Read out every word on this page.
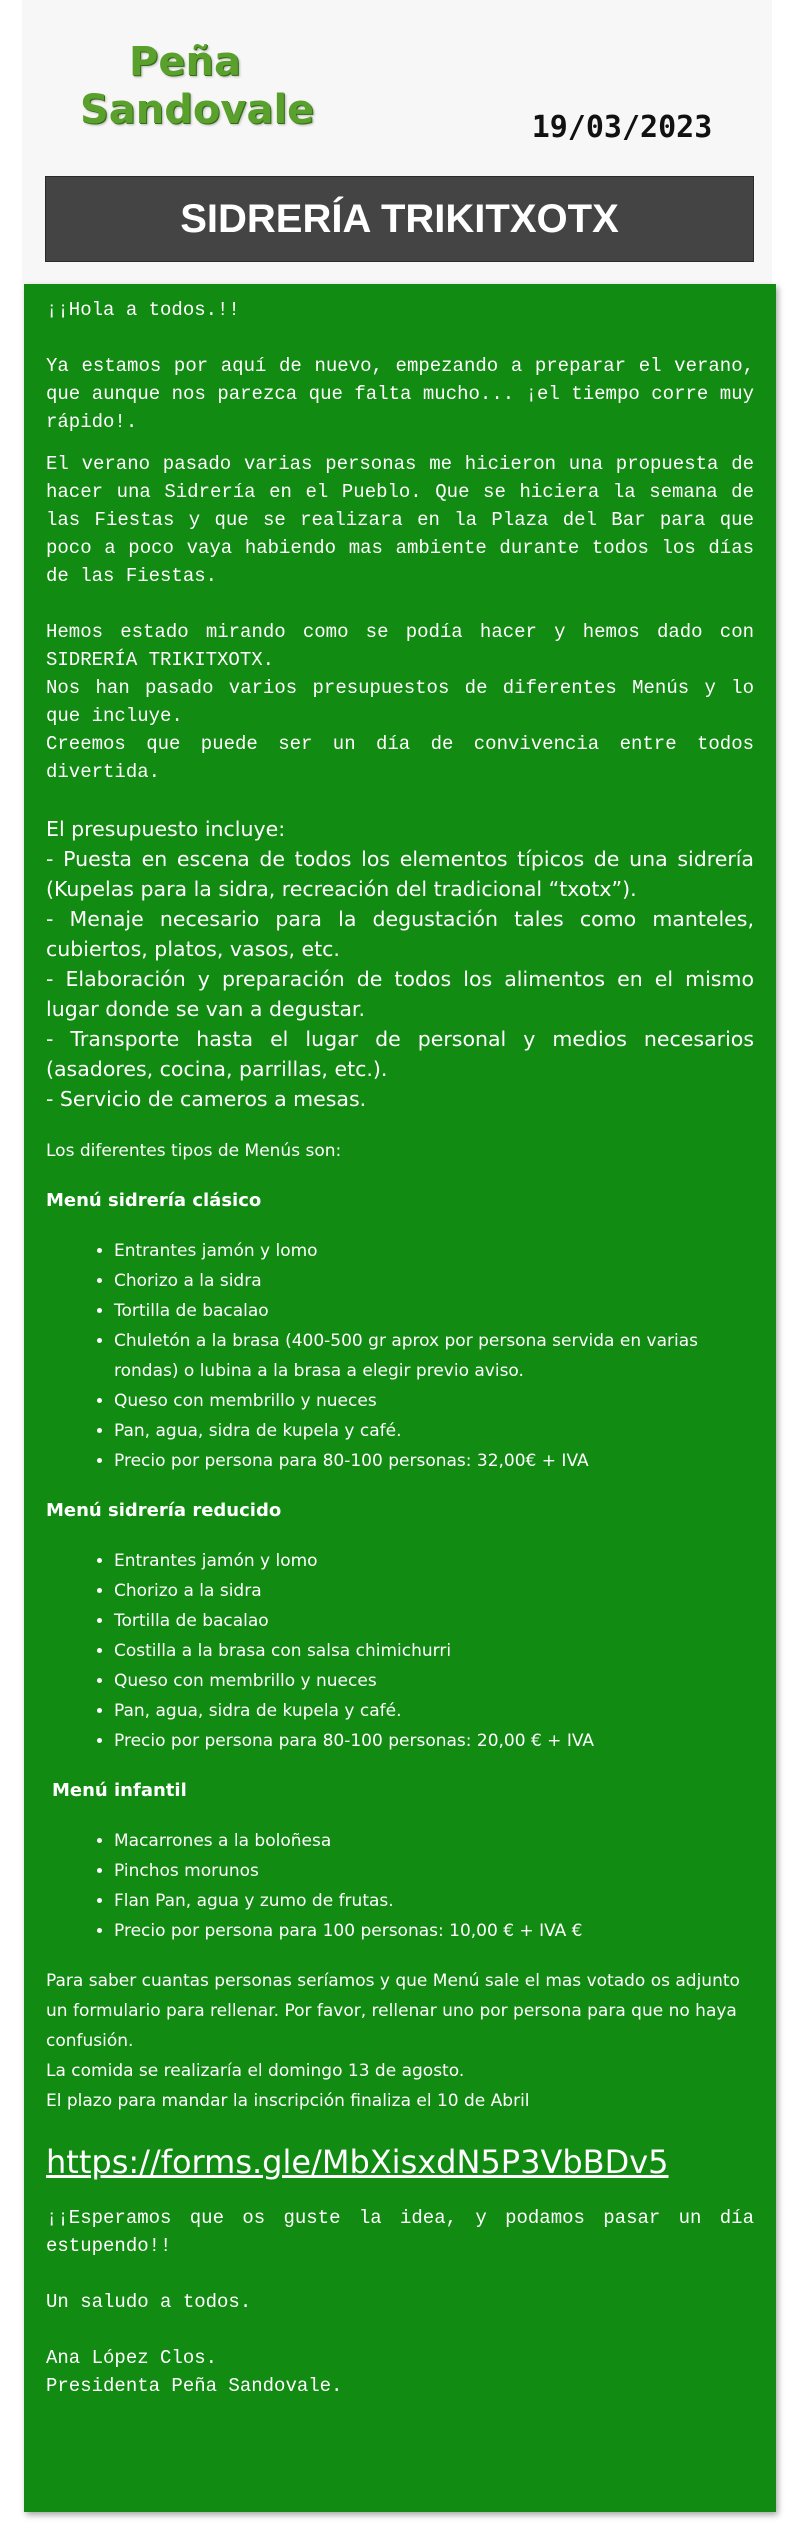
Peña
Sandovale	19/03/2023
SIDRERÍA TRIKITXOTX

¡¡Hola a todos.!!

Ya estamos por aquí de nuevo, empezando a preparar el verano, que aunque nos parezca que falta mucho... ¡el tiempo corre muy rápido!.

El verano pasado varias personas me hicieron una propuesta de hacer una Sidrería en el Pueblo. Que se hiciera la semana de las Fiestas y que se realizara en la Plaza del Bar para que poco a poco vaya habiendo mas ambiente durante todos los días de las Fiestas.

Hemos estado mirando como se podía hacer y hemos dado con SIDRERÍA TRIKITXOTX.

Nos han pasado varios presupuestos de diferentes Menús y lo que incluye.

Creemos que puede ser un día de convivencia entre todos divertida.

El presupuesto incluye:

- Puesta en escena de todos los elementos típicos de una sidrería (Kupelas para la sidra, recreación del tradicional “txotx”).

- Menaje necesario para la degustación tales como manteles, cubiertos, platos, vasos, etc.

- Elaboración y preparación de todos los alimentos en el mismo lugar donde se van a degustar.

- Transporte hasta el lugar de personal y medios necesarios (asadores, cocina, parrillas, etc.).

- Servicio de cameros a mesas.

Los diferentes tipos de Menús son:

Menú sidrería clásico

• Entrantes jamón y lomo
• Chorizo a la sidra
• Tortilla de bacalao
• Chuletón a la brasa (400-500 gr aprox por persona servida en varias rondas) o lubina a la brasa a elegir previo aviso.
• Queso con membrillo y nueces
• Pan, agua, sidra de kupela y café.
• Precio por persona para 80-100 personas: 32,00€ + IVA

Menú sidrería reducido

• Entrantes jamón y lomo
• Chorizo a la sidra
• Tortilla de bacalao
• Costilla a la brasa con salsa chimichurri
• Queso con membrillo y nueces
• Pan, agua, sidra de kupela y café.
• Precio por persona para 80-100 personas: 20,00 € + IVA

Menú infantil

• Macarrones a la boloñesa
• Pinchos morunos
• Flan Pan, agua y zumo de frutas.
• Precio por persona para 100 personas: 10,00 € + IVA €

Para saber cuantas personas seríamos y que Menú sale el mas votado os adjunto un formulario para rellenar. Por favor, rellenar uno por persona para que no haya confusión.

La comida se realizaría el domingo 13 de agosto.

El plazo para mandar la inscripción finaliza el 10 de Abril

https://forms.gle/MbXisxdN5P3VbBDv5

¡¡Esperamos que os guste la idea, y podamos pasar un día estupendo!!

Un saludo a todos.

Ana López Clos.

Presidenta Peña Sandovale.
